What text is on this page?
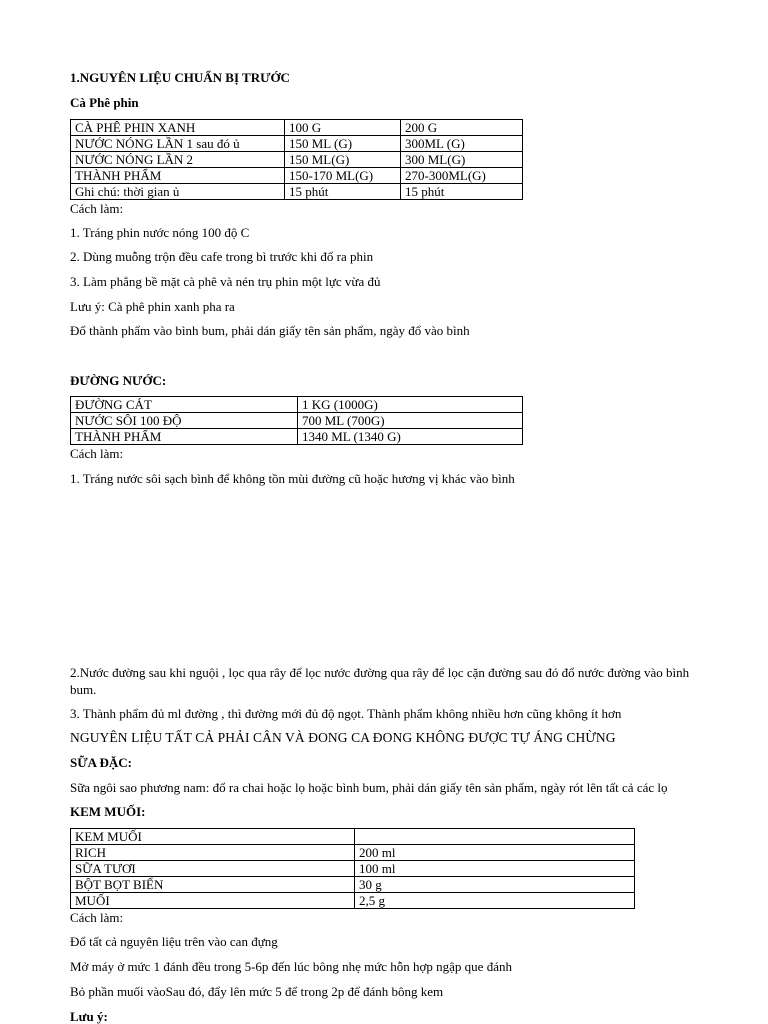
1.NGUYÊN LIỆU CHUẨN BỊ TRƯỚC
Cà Phê phin
CÀ PHÊ PHIN XANH	100 G	200 G
NƯỚC NÓNG LẦN 1 sau đó ủ	150 ML (G)	300ML (G)
NƯỚC NÓNG LẦN 2	150 ML(G)	300 ML(G)
THÀNH PHẨM	150-170 ML(G)	270-300ML(G)
Ghi chú: thời gian ủ	15 phút	15 phút
Cách làm:
1. Tráng phin nước nóng 100 độ C
2. Dùng muỗng trộn đều cafe trong bì trước khi đổ ra phin
3. Làm phẳng bề mặt cà phê và nén trụ phin một lực vừa đủ
Lưu ý: Cà phê phin xanh pha ra
Đổ thành phẩm vào bình bum, phải dán giấy tên sản phẩm, ngày đổ vào bình
ĐƯỜNG NƯỚC:
ĐƯỜNG CÁT	1 KG (1000G)
NƯỚC SÔI 100 ĐỘ	700 ML (700G)
THÀNH PHẨM	1340 ML (1340 G)
Cách làm:
1. Tráng nước sôi sạch bình để không tồn mùi đường cũ hoặc hương vị khác vào bình
2.Nước đường sau khi nguội , lọc qua rây để lọc nước đường qua rây để lọc cặn đường sau đó đổ nước đường vào bình bum.
3. Thành phẩm đủ ml đường , thì đường mới đủ độ ngọt. Thành phẩm không nhiều hơn cũng không ít hơn
NGUYÊN LIỆU TẤT CẢ PHẢI CÂN VÀ ĐONG CA ĐONG KHÔNG ĐƯỢC TỰ ÁNG CHỪNG
SỮA ĐẶC:
Sữa ngôi sao phương nam: đổ ra chai hoặc lọ hoặc bình bum, phải dán giấy tên sản phẩm, ngày rót lên tất cả các lọ
KEM MUỐI:
KEM MUỐI	
RICH	200 ml
SỮA TƯƠI	100 ml
BỘT BỌT BIỂN	30 g
MUỐI	2,5 g
Cách làm:
Đổ tất cả nguyên liệu trên vào can đựng
Mở máy ở mức 1 đánh đều trong 5-6p đến lúc bông nhẹ mức hỗn hợp ngập que đánh
Bỏ phần muối vàoSau đó, đẩy lên mức 5 để trong 2p để đánh bông kem
Lưu ý:
